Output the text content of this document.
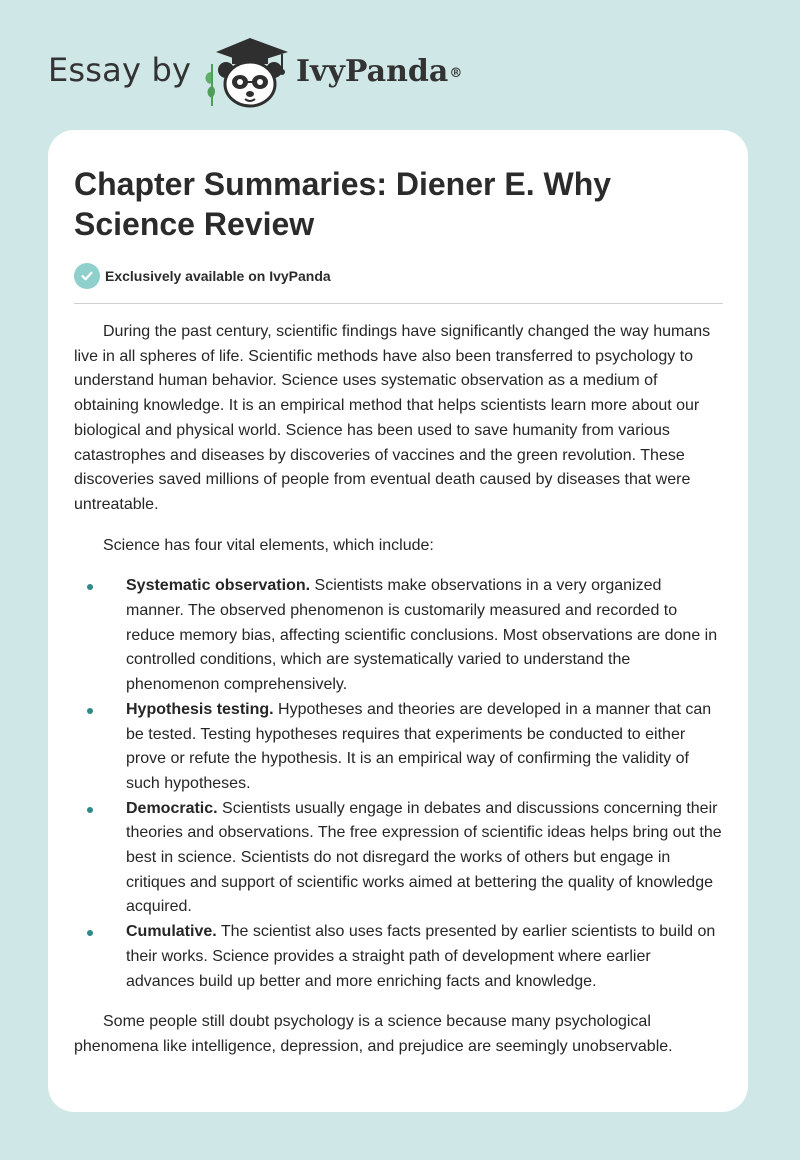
Essay by	IvyPanda®
Chapter Summaries: Diener E. Why Science Review
Exclusively available on IvyPanda

During the past century, scientific findings have significantly changed the way humans live in all spheres of life. Scientific methods have also been transferred to psychology to understand human behavior. Science uses systematic observation as a medium of obtaining knowledge. It is an empirical method that helps scientists learn more about our biological and physical world. Science has been used to save humanity from various catastrophes and diseases by discoveries of vaccines and the green revolution. These discoveries saved millions of people from eventual death caused by diseases that were untreatable.

Science has four vital elements, which include:

Systematic observation. Scientists make observations in a very organized manner. The observed phenomenon is customarily measured and recorded to reduce memory bias, affecting scientific conclusions. Most observations are done in controlled conditions, which are systematically varied to understand the phenomenon comprehensively.
Hypothesis testing. Hypotheses and theories are developed in a manner that can be tested. Testing hypotheses requires that experiments be conducted to either prove or refute the hypothesis. It is an empirical way of confirming the validity of such hypotheses.
Democratic. Scientists usually engage in debates and discussions concerning their theories and observations. The free expression of scientific ideas helps bring out the best in science. Scientists do not disregard the works of others but engage in critiques and support of scientific works aimed at bettering the quality of knowledge acquired.
Cumulative. The scientist also uses facts presented by earlier scientists to build on their works. Science provides a straight path of development where earlier advances build up better and more enriching facts and knowledge.

Some people still doubt psychology is a science because many psychological phenomena like intelligence, depression, and prejudice are seemingly unobservable.
